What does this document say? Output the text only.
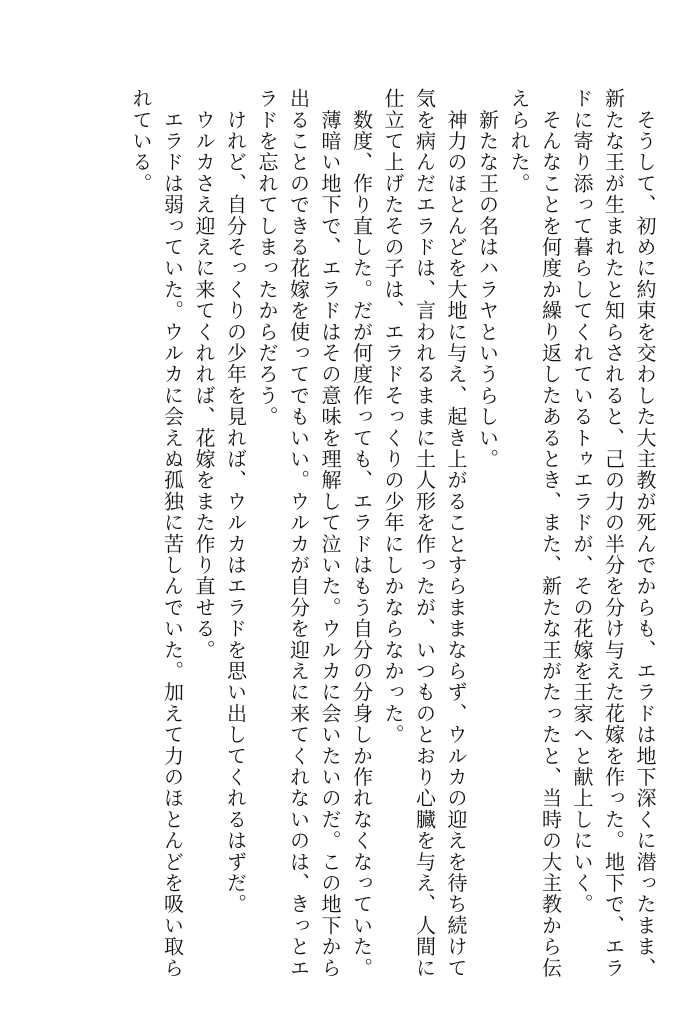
　そうして、初めに約束を交わした大主教が死んでからも、エラドは地下深くに潜ったまま、

新たな王が生まれたと知らされると、己の力の半分を分け与えた花嫁を作った。地下で、エラ

ドに寄り添って暮らしてくれているトゥエラドが、その花嫁を王家へと献上しにいく。

　そんなことを何度か繰り返したあるとき、また、新たな王がたったと、当時の大主教から伝

えられた。

　新たな王の名はハラヤというらしい。

　神力のほとんどを大地に与え、起き上がることすらままならず、ウルカの迎えを待ち続けて

気を病んだエラドは、言われるままに土人形を作ったが、いつものとおり心臓を与え、人間に

仕立て上げたその子は、エラドそっくりの少年にしかならなかった。

　数度、作り直した。だが何度作っても、エラドはもう自分の分身しか作れなくなっていた。

　薄暗い地下で、エラドはその意味を理解して泣いた。ウルカに会いたいのだ。この地下から

出ることのできる花嫁を使ってでもいい。ウルカが自分を迎えに来てくれないのは、きっとエ

ラドを忘れてしまったからだろう。

　けれど、自分そっくりの少年を見れば、ウルカはエラドを思い出してくれるはずだ。

　ウルカさえ迎えに来てくれれば、花嫁をまた作り直せる。

　エラドは弱っていた。ウルカに会えぬ孤独に苦しんでいた。加えて力のほとんどを吸い取ら

れている。
